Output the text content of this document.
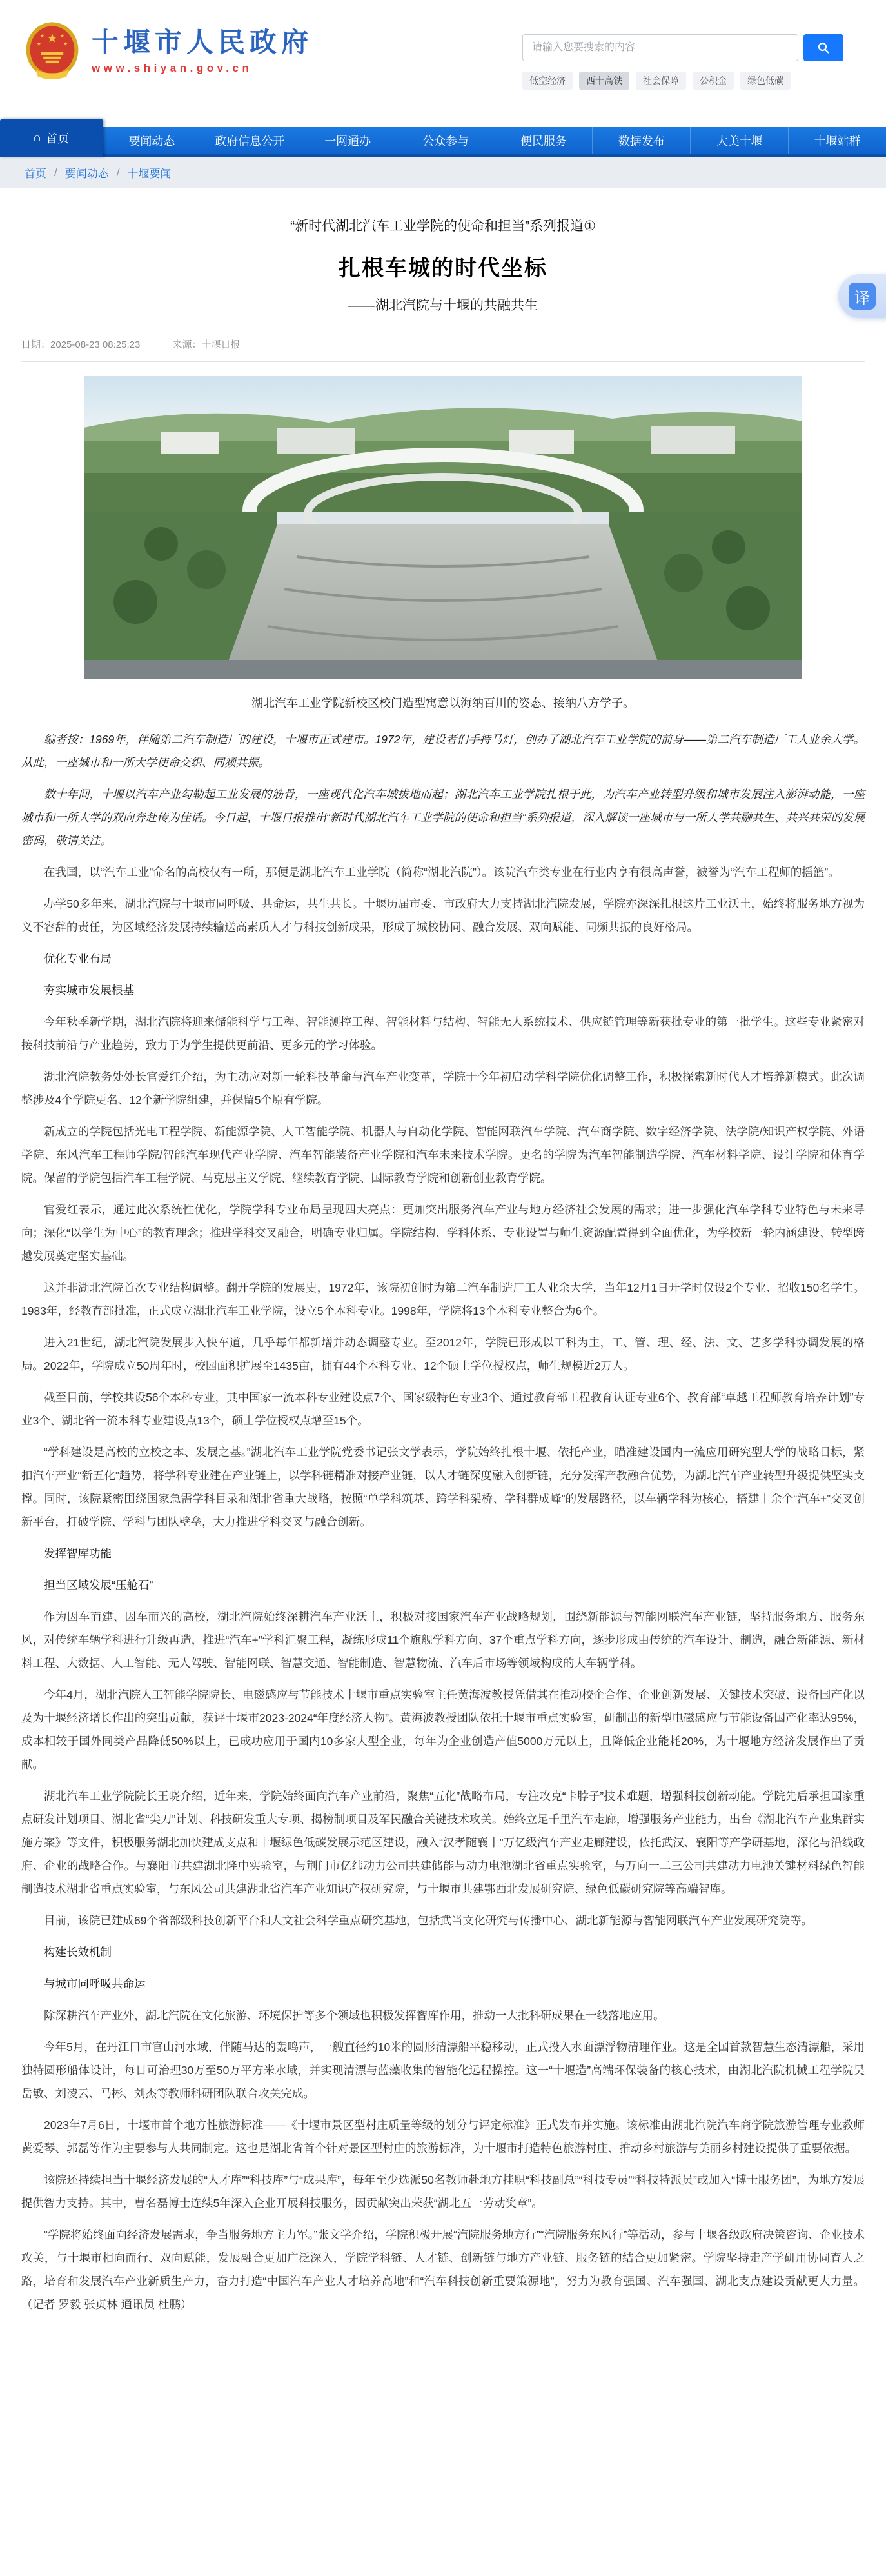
★
★	★
★	★ 十堰市人民政府
www.shiyan.gov.cn
请输入您要搜索的内容
低空经济	西十高铁	社会保障	公积金	绿色低碳
⌂ 首页	要闻动态	政府信息公开	一网通办	公众参与	便民服务	数据发布	大美十堰	十堰站群
首页 / 要闻动态 / 十堰要闻
译
“新时代湖北汽车工业学院的使命和担当”系列报道①
扎根车城的时代坐标
——湖北汽院与十堰的共融共生
日期：2025-08-23 08:25:23	来源：十堰日报
湖北汽车工业学院新校区校门造型寓意以海纳百川的姿态、接纳八方学子。

编者按：1969年，伴随第二汽车制造厂的建设，十堰市正式建市。1972年，建设者们手持马灯，创办了湖北汽车工业学院的前身——第二汽车制造厂工人业余大学。从此，一座城市和一所大学使命交织、同频共振。

数十年间，十堰以汽车产业勾勒起工业发展的筋骨，一座现代化汽车城拔地而起；湖北汽车工业学院扎根于此，为汽车产业转型升级和城市发展注入澎湃动能，一座城市和一所大学的双向奔赴传为佳话。今日起，十堰日报推出“新时代湖北汽车工业学院的使命和担当”系列报道，深入解读一座城市与一所大学共融共生、共兴共荣的发展密码，敬请关注。

在我国，以“汽车工业”命名的高校仅有一所，那便是湖北汽车工业学院（简称“湖北汽院”）。该院汽车类专业在行业内享有很高声誉，被誉为“汽车工程师的摇篮”。

办学50多年来，湖北汽院与十堰市同呼吸、共命运，共生共长。十堰历届市委、市政府大力支持湖北汽院发展，学院亦深深扎根这片工业沃土，始终将服务地方视为义不容辞的责任，为区域经济发展持续输送高素质人才与科技创新成果，形成了城校协同、融合发展、双向赋能、同频共振的良好格局。

优化专业布局
夯实城市发展根基

今年秋季新学期，湖北汽院将迎来储能科学与工程、智能测控工程、智能材料与结构、智能无人系统技术、供应链管理等新获批专业的第一批学生。这些专业紧密对接科技前沿与产业趋势，致力于为学生提供更前沿、更多元的学习体验。

湖北汽院教务处处长官爱红介绍，为主动应对新一轮科技革命与汽车产业变革，学院于今年初启动学科学院优化调整工作，积极探索新时代人才培养新模式。此次调整涉及4个学院更名、12个新学院组建，并保留5个原有学院。

新成立的学院包括光电工程学院、新能源学院、人工智能学院、机器人与自动化学院、智能网联汽车学院、汽车商学院、数字经济学院、法学院/知识产权学院、外语学院、东风汽车工程师学院/智能汽车现代产业学院、汽车智能装备产业学院和汽车未来技术学院。更名的学院为汽车智能制造学院、汽车材料学院、设计学院和体育学院。保留的学院包括汽车工程学院、马克思主义学院、继续教育学院、国际教育学院和创新创业教育学院。

官爱红表示，通过此次系统性优化，学院学科专业布局呈现四大亮点：更加突出服务汽车产业与地方经济社会发展的需求；进一步强化汽车学科专业特色与未来导向；深化“以学生为中心”的教育理念；推进学科交叉融合，明确专业归属。学院结构、学科体系、专业设置与师生资源配置得到全面优化，为学校新一轮内涵建设、转型跨越发展奠定坚实基础。

这并非湖北汽院首次专业结构调整。翻开学院的发展史，1972年，该院初创时为第二汽车制造厂工人业余大学，当年12月1日开学时仅设2个专业、招收150名学生。1983年，经教育部批准，正式成立湖北汽车工业学院，设立5个本科专业。1998年，学院将13个本科专业整合为6个。

进入21世纪，湖北汽院发展步入快车道，几乎每年都新增并动态调整专业。至2012年，学院已形成以工科为主，工、管、理、经、法、文、艺多学科协调发展的格局。2022年，学院成立50周年时，校园面积扩展至1435亩，拥有44个本科专业、12个硕士学位授权点，师生规模近2万人。

截至目前，学校共设56个本科专业，其中国家一流本科专业建设点7个、国家级特色专业3个、通过教育部工程教育认证专业6个、教育部“卓越工程师教育培养计划”专业3个、湖北省一流本科专业建设点13个，硕士学位授权点增至15个。

“学科建设是高校的立校之本、发展之基。”湖北汽车工业学院党委书记张文学表示，学院始终扎根十堰、依托产业，瞄准建设国内一流应用研究型大学的战略目标，紧扣汽车产业“新五化”趋势，将学科专业建在产业链上，以学科链精准对接产业链，以人才链深度融入创新链，充分发挥产教融合优势，为湖北汽车产业转型升级提供坚实支撑。同时，该院紧密围绕国家急需学科目录和湖北省重大战略，按照“单学科筑基、跨学科架桥、学科群成峰”的发展路径，以车辆学科为核心，搭建十余个“汽车+”交叉创新平台，打破学院、学科与团队壁垒，大力推进学科交叉与融合创新。

发挥智库功能
担当区域发展“压舱石”

作为因车而建、因车而兴的高校，湖北汽院始终深耕汽车产业沃土，积极对接国家汽车产业战略规划，围绕新能源与智能网联汽车产业链，坚持服务地方、服务东风，对传统车辆学科进行升级再造，推进“汽车+”学科汇聚工程，凝练形成11个旗舰学科方向、37个重点学科方向，逐步形成由传统的汽车设计、制造，融合新能源、新材料工程、大数据、人工智能、无人驾驶、智能网联、智慧交通、智能制造、智慧物流、汽车后市场等领域构成的大车辆学科。

今年4月，湖北汽院人工智能学院院长、电磁感应与节能技术十堰市重点实验室主任黄海波教授凭借其在推动校企合作、企业创新发展、关键技术突破、设备国产化以及为十堰经济增长作出的突出贡献，获评十堰市2023-2024“年度经济人物”。黄海波教授团队依托十堰市重点实验室，研制出的新型电磁感应与节能设备国产化率达95%，成本相较于国外同类产品降低50%以上，已成功应用于国内10多家大型企业，每年为企业创造产值5000万元以上，且降低企业能耗20%，为十堰地方经济发展作出了贡献。

湖北汽车工业学院院长王晓介绍，近年来，学院始终面向汽车产业前沿，聚焦“五化”战略布局，专注攻克“卡脖子”技术难题，增强科技创新动能。学院先后承担国家重点研发计划项目、湖北省“尖刀”计划、科技研发重大专项、揭榜制项目及军民融合关键技术攻关。始终立足千里汽车走廊，增强服务产业能力，出台《湖北汽车产业集群实施方案》等文件，积极服务湖北加快建成支点和十堰绿色低碳发展示范区建设，融入“汉孝随襄十”万亿级汽车产业走廊建设，依托武汉、襄阳等产学研基地，深化与沿线政府、企业的战略合作。与襄阳市共建湖北隆中实验室，与荆门市亿纬动力公司共建储能与动力电池湖北省重点实验室，与万向一二三公司共建动力电池关键材料绿色智能制造技术湖北省重点实验室，与东风公司共建湖北省汽车产业知识产权研究院，与十堰市共建鄂西北发展研究院、绿色低碳研究院等高端智库。

目前，该院已建成69个省部级科技创新平台和人文社会科学重点研究基地，包括武当文化研究与传播中心、湖北新能源与智能网联汽车产业发展研究院等。

构建长效机制
与城市同呼吸共命运

除深耕汽车产业外，湖北汽院在文化旅游、环境保护等多个领域也积极发挥智库作用，推动一大批科研成果在一线落地应用。

今年5月，在丹江口市官山河水域，伴随马达的轰鸣声，一艘直径约10米的圆形清漂船平稳移动，正式投入水面漂浮物清理作业。这是全国首款智慧生态清漂船，采用独特圆形船体设计，每日可治理30万至50万平方米水域，并实现清漂与蓝藻收集的智能化远程操控。这一“十堰造”高端环保装备的核心技术，由湖北汽院机械工程学院吴岳敏、刘凌云、马彬、刘杰等教师科研团队联合攻关完成。

2023年7月6日，十堰市首个地方性旅游标准——《十堰市景区型村庄质量等级的划分与评定标准》正式发布并实施。该标准由湖北汽院汽车商学院旅游管理专业教师黄爱琴、郭磊等作为主要参与人共同制定。这也是湖北省首个针对景区型村庄的旅游标准，为十堰市打造特色旅游村庄、推动乡村旅游与美丽乡村建设提供了重要依据。

该院还持续担当十堰经济发展的“人才库”“科技库”与“成果库”，每年至少选派50名教师赴地方挂职“科技副总”“科技专员”“科技特派员”或加入“博士服务团”，为地方发展提供智力支持。其中，曹名磊博士连续5年深入企业开展科技服务，因贡献突出荣获“湖北五一劳动奖章”。

“学院将始终面向经济发展需求，争当服务地方主力军。”张文学介绍，学院积极开展“汽院服务地方行”“汽院服务东风行”等活动，参与十堰各级政府决策咨询、企业技术攻关，与十堰市相向而行、双向赋能，发展融合更加广泛深入，学院学科链、人才链、创新链与地方产业链、服务链的结合更加紧密。学院坚持走产学研用协同育人之路，培育和发展汽车产业新质生产力，奋力打造“中国汽车产业人才培养高地”和“汽车科技创新重要策源地”，努力为教育强国、汽车强国、湖北支点建设贡献更大力量。（记者 罗毅 张贞林 通讯员 杜鹏）
